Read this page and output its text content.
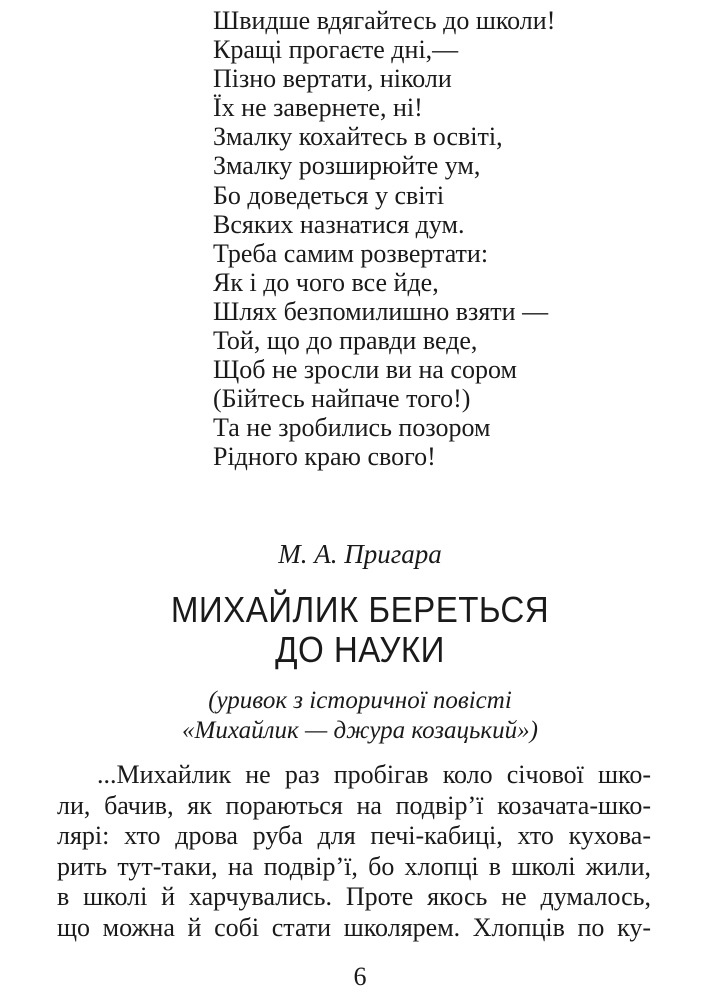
Швидше вдягайтесь до школи!
Кращі прогаєте дні,—
Пізно вертати, ніколи
Їх не завернете, ні!
Змалку кохайтесь в освіті,
Змалку розширюйте ум,
Бо доведеться у світі
Всяких назнатися дум.
Треба самим розвертати:
Як і до чого все йде,
Шлях безпомилишно взяти —
Той, що до правди веде,
Щоб не зросли ви на сором
(Бійтесь найпаче того!)
Та не зробились позором
Рідного краю свого!
М. А. Пригара
МИХАЙЛИК БЕРЕТЬСЯ
ДО НАУКИ
(уривок з історичної повісті
«Михайлик — джура козацький»)
...Михайлик не раз пробігав коло січової шко-
ли, бачив, як пораються на подвір’ї козачата-шко-
лярі: хто дрова руба для печі-кабиці, хто кухова-
рить тут-таки, на подвір’ї, бо хлопці в школі жили,
в школі й харчувались. Проте якось не думалось,
що можна й собі стати школярем. Хлопців по ку-
6
